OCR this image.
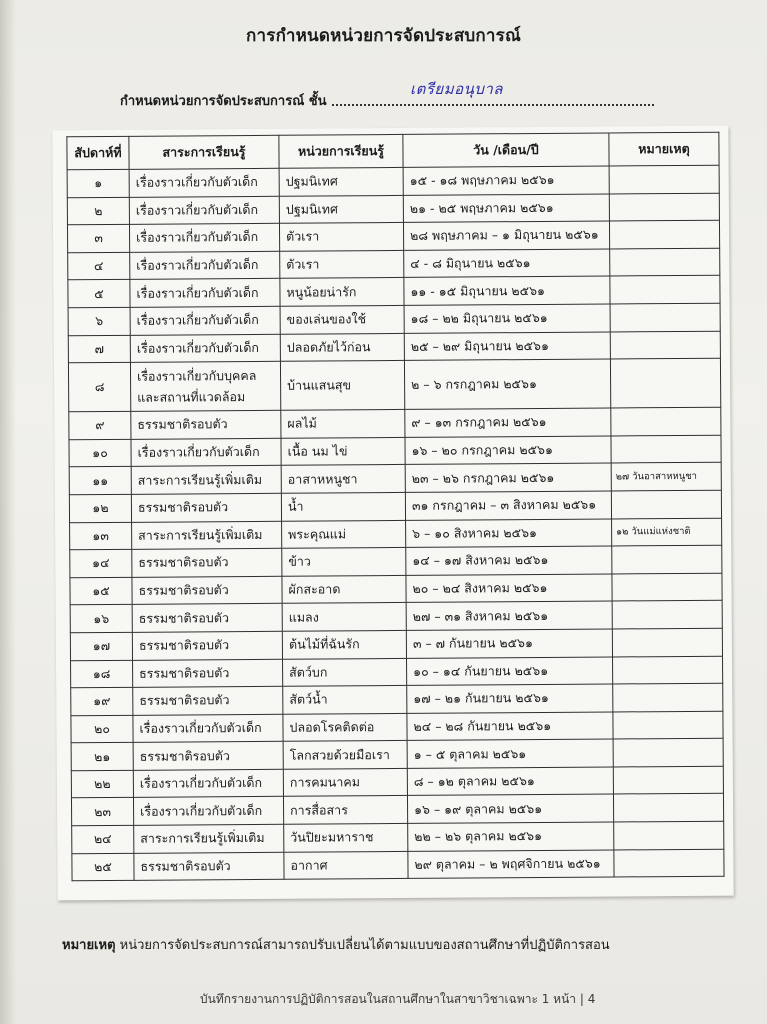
การกำหนดหน่วยการจัดประสบการณ์
กำหนดหน่วยการจัดประสบการณ์ ชั้น
เตรียมอนุบาล
สัปดาห์ที่	สาระการเรียนรู้	หน่วยการเรียนรู้	วัน /เดือน/ปี	หมายเหตุ
๑	เรื่องราวเกี่ยวกับตัวเด็ก	ปฐมนิเทศ	๑๕ - ๑๘ พฤษภาคม ๒๕๖๑	
๒	เรื่องราวเกี่ยวกับตัวเด็ก	ปฐมนิเทศ	๒๑ - ๒๕ พฤษภาคม ๒๕๖๑	
๓	เรื่องราวเกี่ยวกับตัวเด็ก	ตัวเรา	๒๘ พฤษภาคม – ๑ มิถุนายน ๒๕๖๑	
๔	เรื่องราวเกี่ยวกับตัวเด็ก	ตัวเรา	๔ - ๘ มิถุนายน ๒๕๖๑	
๕	เรื่องราวเกี่ยวกับตัวเด็ก	หนูน้อยน่ารัก	๑๑ - ๑๕ มิถุนายน ๒๕๖๑	
๖	เรื่องราวเกี่ยวกับตัวเด็ก	ของเล่นของใช้	๑๘ – ๒๒ มิถุนายน ๒๕๖๑	
๗	เรื่องราวเกี่ยวกับตัวเด็ก	ปลอดภัยไว้ก่อน	๒๕ – ๒๙ มิถุนายน ๒๕๖๑	
๘	เรื่องราวเกี่ยวกับบุคคลและสถานที่แวดล้อม	บ้านแสนสุข	๒ – ๖ กรกฎาคม ๒๕๖๑	
๙	ธรรมชาติรอบตัว	ผลไม้	๙ – ๑๓ กรกฎาคม ๒๕๖๑	
๑๐	เรื่องราวเกี่ยวกับตัวเด็ก	เนื้อ นม ไข่	๑๖ – ๒๐ กรกฎาคม ๒๕๖๑	
๑๑	สาระการเรียนรู้เพิ่มเติม	อาสาหหนูชา	๒๓ – ๒๖ กรกฎาคม ๒๕๖๑	๒๗ วันอาสาหหนูชา
๑๒	ธรรมชาติรอบตัว	น้ำ	๓๑ กรกฎาคม – ๓ สิงหาคม ๒๕๖๑	
๑๓	สาระการเรียนรู้เพิ่มเติม	พระคุณแม่	๖ – ๑๐ สิงหาคม ๒๕๖๑	๑๒ วันแม่แห่งชาติ
๑๔	ธรรมชาติรอบตัว	ข้าว	๑๔ – ๑๗ สิงหาคม ๒๕๖๑	
๑๕	ธรรมชาติรอบตัว	ผักสะอาด	๒๐ – ๒๔ สิงหาคม ๒๕๖๑	
๑๖	ธรรมชาติรอบตัว	แมลง	๒๗ – ๓๑ สิงหาคม ๒๕๖๑	
๑๗	ธรรมชาติรอบตัว	ต้นไม้ที่ฉันรัก	๓ – ๗ กันยายน ๒๕๖๑	
๑๘	ธรรมชาติรอบตัว	สัตว์บก	๑๐ – ๑๔ กันยายน ๒๕๖๑	
๑๙	ธรรมชาติรอบตัว	สัตว์น้ำ	๑๗ – ๒๑ กันยายน ๒๕๖๑	
๒๐	เรื่องราวเกี่ยวกับตัวเด็ก	ปลอดโรคติดต่อ	๒๔ – ๒๘ กันยายน ๒๕๖๑	
๒๑	ธรรมชาติรอบตัว	โลกสวยด้วยมือเรา	๑ – ๕ ตุลาคม ๒๕๖๑	
๒๒	เรื่องราวเกี่ยวกับตัวเด็ก	การคมนาคม	๘ – ๑๒ ตุลาคม ๒๕๖๑	
๒๓	เรื่องราวเกี่ยวกับตัวเด็ก	การสื่อสาร	๑๖ – ๑๙ ตุลาคม ๒๕๖๑	
๒๔	สาระการเรียนรู้เพิ่มเติม	วันปิยะมหาราช	๒๒ – ๒๖ ตุลาคม ๒๕๖๑	
๒๕	ธรรมชาติรอบตัว	อากาศ	๒๙ ตุลาคม – ๒ พฤศจิกายน ๒๕๖๑	
หมายเหตุ หน่วยการจัดประสบการณ์สามารถปรับเปลี่ยนได้ตามแบบของสถานศึกษาที่ปฏิบัติการสอน
บันทึกรายงานการปฏิบัติการสอนในสถานศึกษาในสาขาวิชาเฉพาะ 1 หน้า | 4
